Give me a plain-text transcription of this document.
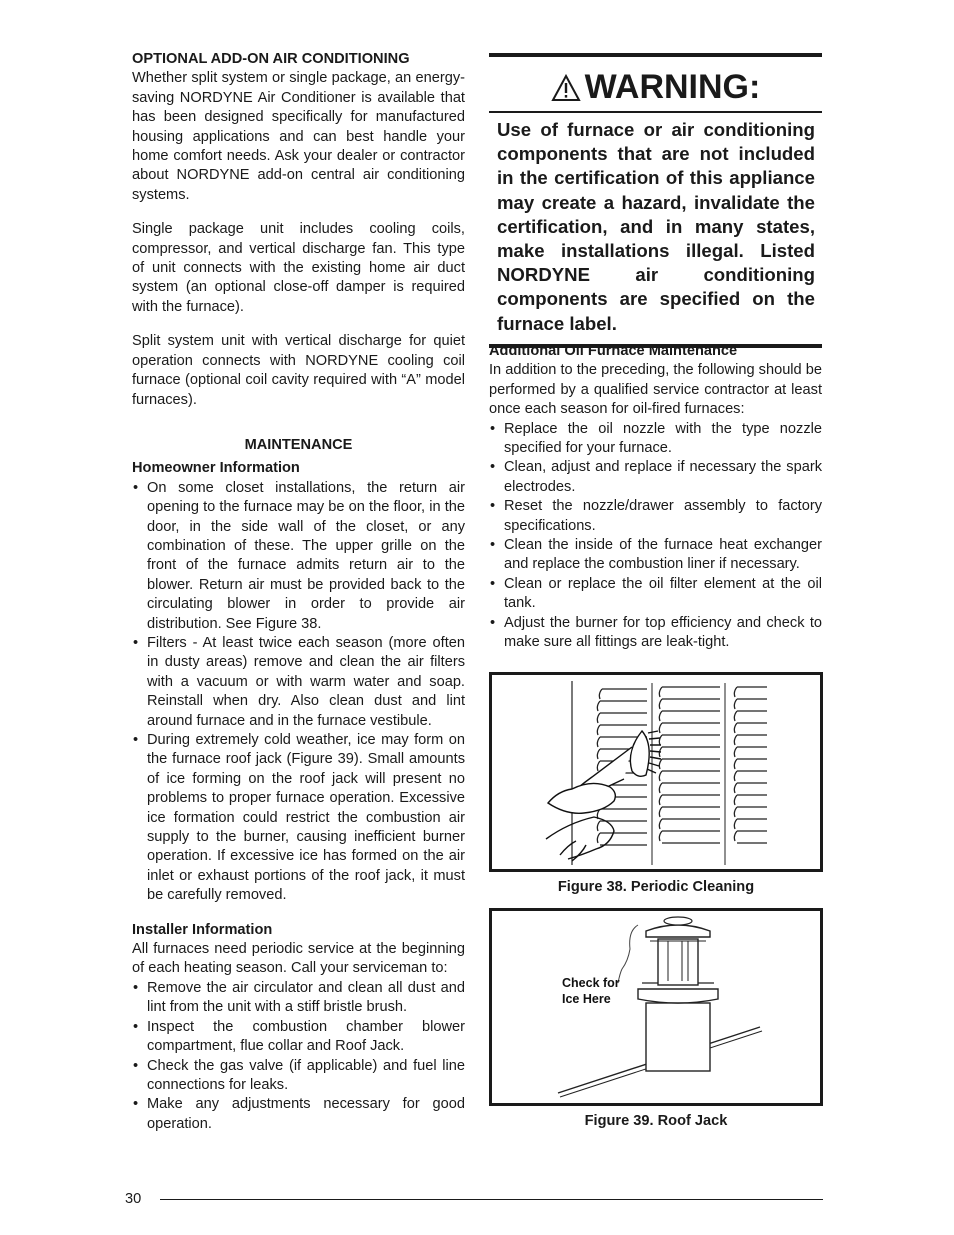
OPTIONAL ADD-ON AIR CONDITIONING

Whether split system or single package, an energy-saving NORDYNE Air Conditioner is available that has been designed specifically for manufactured housing applications and can best handle your home comfort needs. Ask your dealer or contractor about NORDYNE add-on central air conditioning systems.

Single package unit includes cooling coils, compressor, and vertical discharge fan. This type of unit connects with the existing home air duct system (an optional close-off damper is required with the furnace).

Split system unit with vertical discharge for quiet operation connects with NORDYNE cooling coil furnace (optional coil cavity required with “A” model furnaces).

MAINTENANCE
Homeowner Information
• On some closet installations, the return air opening to the furnace may be on the floor, in the door, in the side wall of the closet, or any combination of these. The upper grille on the front of the furnace admits return air to the blower. Return air must be provided back to the circulating blower in order to provide air distribution. See Figure 38.
• Filters - At least twice each season (more often in dusty areas) remove and clean the air filters with a vacuum or with warm water and soap. Reinstall when dry. Also clean dust and lint around furnace and in the furnace vestibule.
• During extremely cold weather, ice may form on the furnace roof jack (Figure 39). Small amounts of ice forming on the roof jack will present no problems to proper furnace operation. Excessive ice formation could restrict the combustion air supply to the burner, causing inefficient burner operation. If excessive ice has formed on the air inlet or exhaust portions of the roof jack, it must be carefully removed.
Installer Information

All furnaces need periodic service at the beginning of each heating season. Call your serviceman to:

• Remove the air circulator and clean all dust and lint from the unit with a stiff bristle brush.
• Inspect the combustion chamber blower compartment, flue collar and Roof Jack.
• Check the gas valve (if applicable) and fuel line connections for leaks.
• Make any adjustments necessary for good operation.
WARNING:
Use of furnace or air conditioning components that are not included in the certification of this appliance may create a hazard, invalidate the certification, and in many states, make installations illegal. Listed NORDYNE air conditioning components are specified on the furnace label.
Additional Oil Furnace Maintenance

In addition to the preceding, the following should be performed by a qualified service contractor at least once each season for oil-fired furnaces:

• Replace the oil nozzle with the type nozzle specified for your furnace.
• Clean, adjust and replace if necessary the spark electrodes.
• Reset the nozzle/drawer assembly to factory specifications.
• Clean the inside of the furnace heat exchanger and replace the combustion liner if necessary.
• Clean or replace the oil filter element at the oil tank.
• Adjust the burner for top efficiency and check to make sure all fittings are leak-tight.
Figure 38. Periodic Cleaning
Check for
Ice Here
Figure 39. Roof Jack
30
